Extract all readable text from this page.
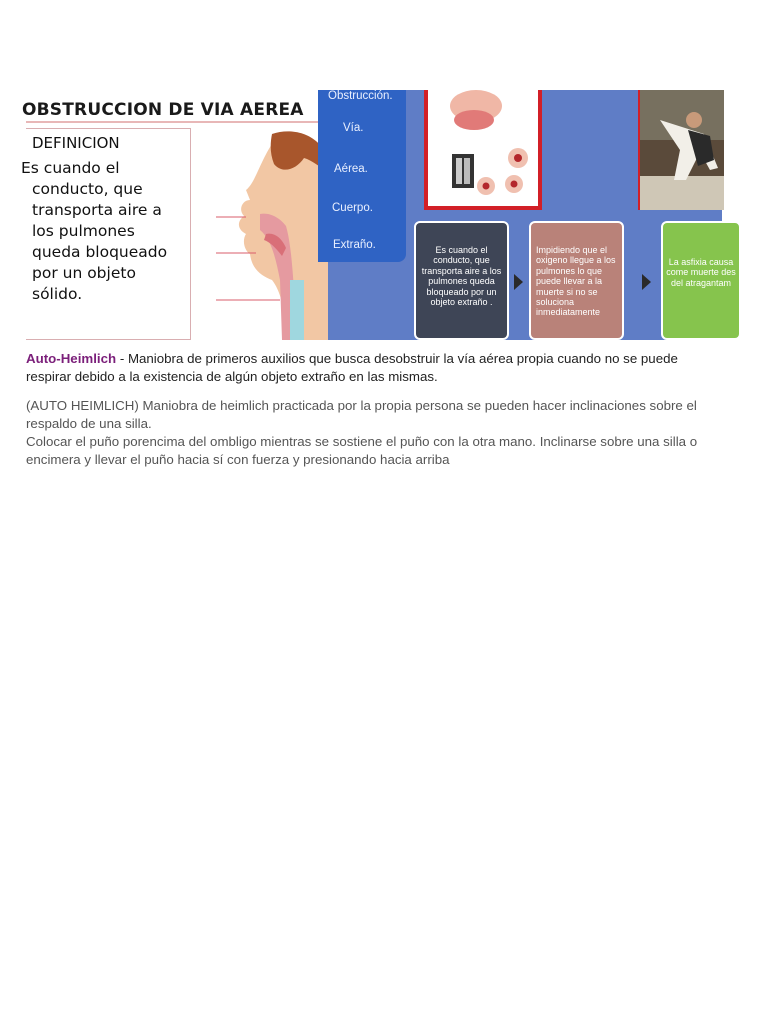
OBSTRUCCION DE VIA AEREA
DEFINICION
Es cuando el
conducto, que
transporta aire a
los pulmones
queda bloqueado
por un objeto
sólido.
Obstrucción.
Vía.
Aérea.
Cuerpo.
Extraño.	Es cuando el conducto, que transporta aire a los pulmones queda bloqueado por un objeto extraño .
Impidiendo que el oxigeno llegue a los pulmones lo que puede llevar a la muerte si no se soluciona inmediatamente
La asfixia causa come muerte des del atragantam
Auto-Heimlich - Maniobra de primeros auxilios que busca desobstruir la vía aérea propia cuando no se puede respirar debido a la existencia de algún objeto extraño en las mismas.
(AUTO HEIMLICH) Maniobra de heimlich practicada por la propia persona se pueden hacer inclinaciones sobre el respaldo de una silla.
Colocar el puño porencima del ombligo mientras se sostiene el puño con la otra mano. Inclinarse sobre una silla o encimera y llevar el puño hacia sí con fuerza y presionando hacia arriba
